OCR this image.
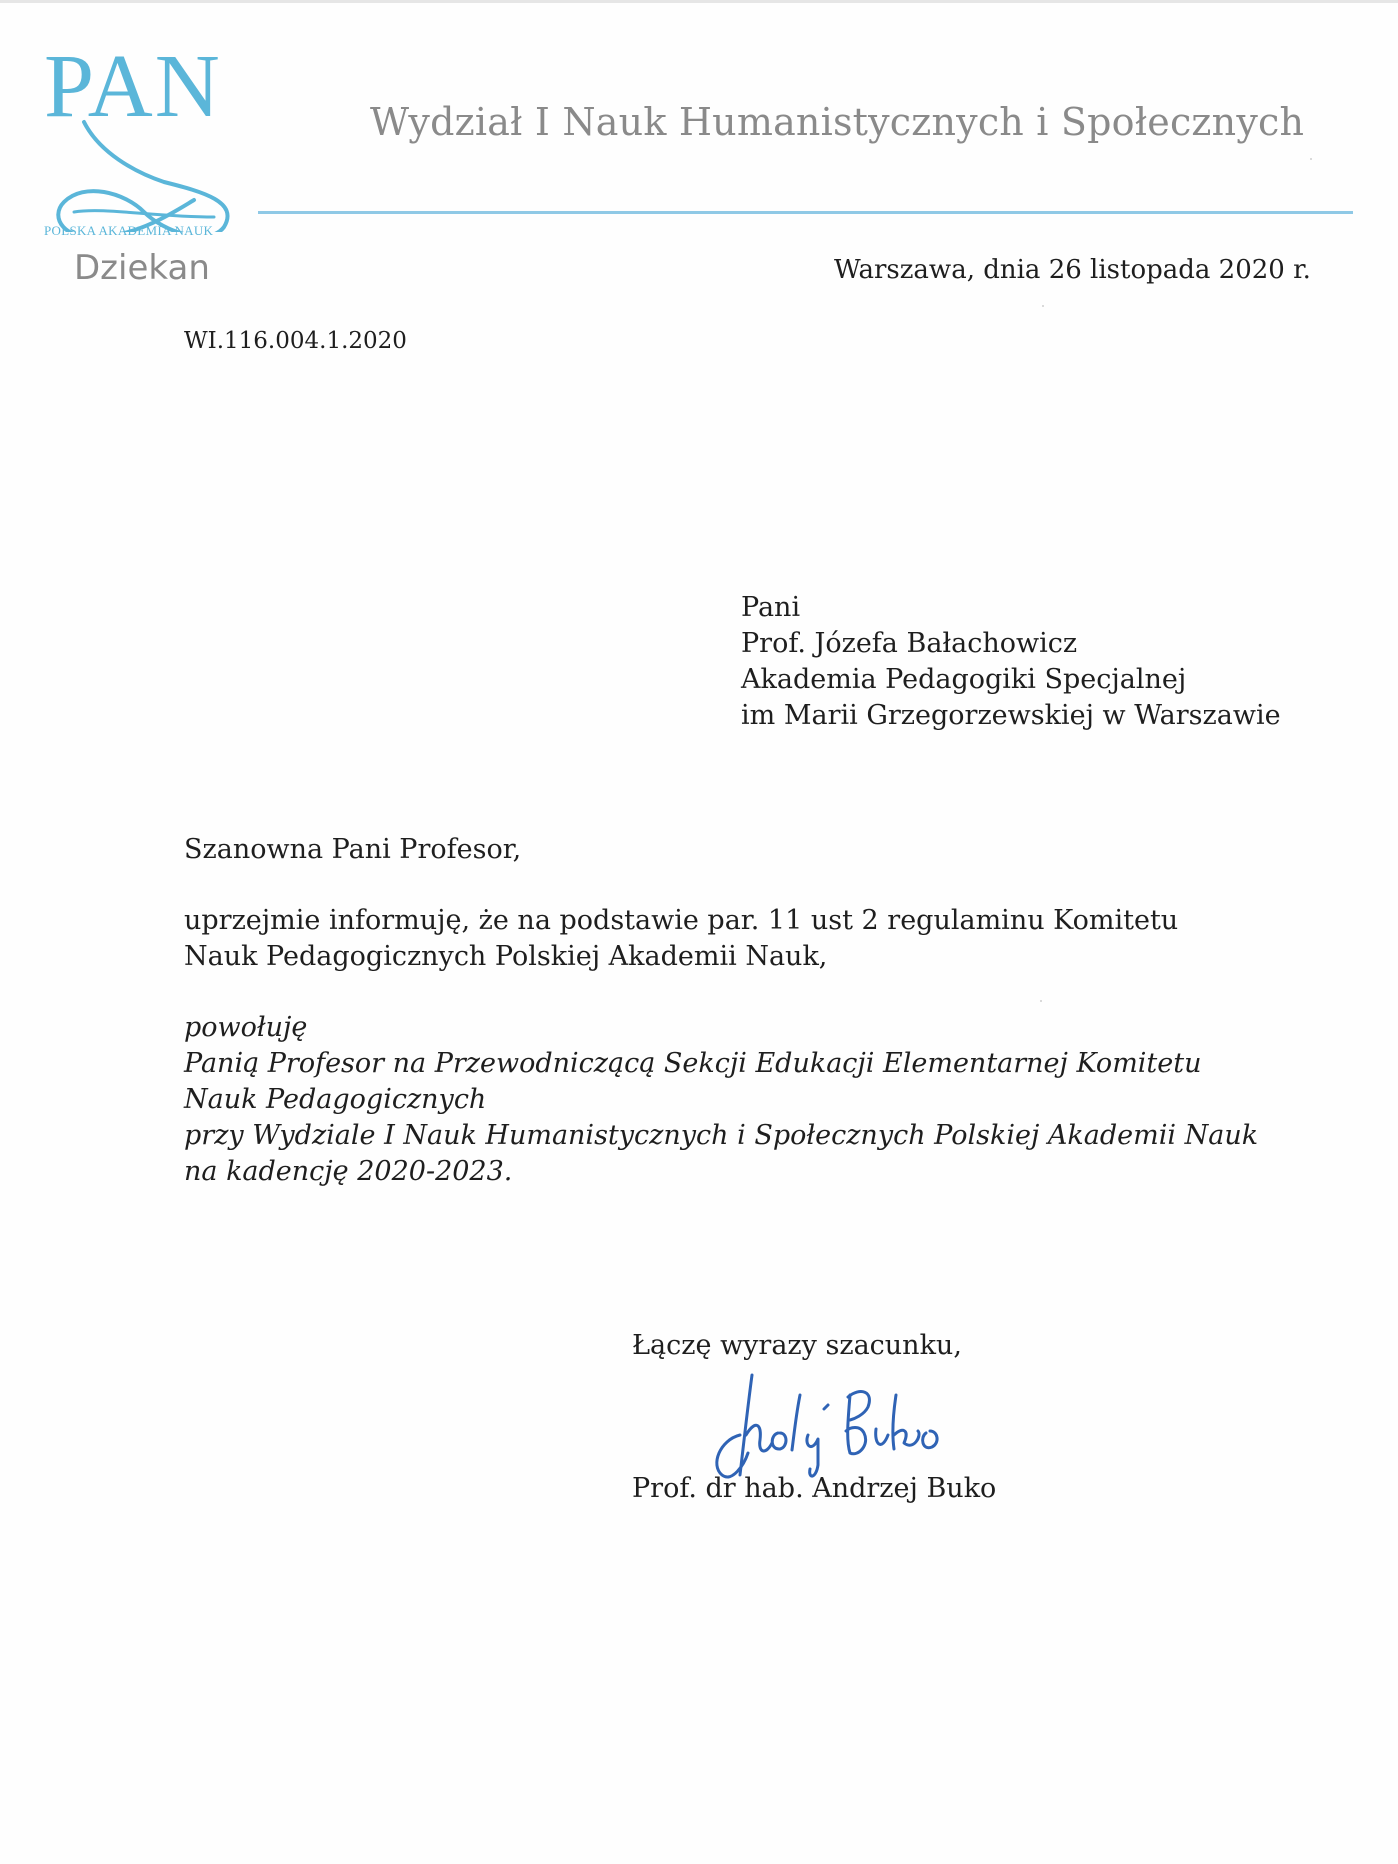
PAN
POLSKA AKADEMIA NAUK
Wydział I Nauk Humanistycznych i Społecznych
Dziekan	Warszawa, dnia 26 listopada 2020 r.
WI.116.004.1.2020
Pani
Prof. Józefa Bałachowicz
Akademia Pedagogiki Specjalnej
im Marii Grzegorzewskiej w Warszawie
Szanowna Pani Profesor,
uprzejmie informuję, że na podstawie par. 11 ust 2 regulaminu Komitetu
Nauk Pedagogicznych Polskiej Akademii Nauk,
powołuję
Panią Profesor na Przewodniczącą Sekcji Edukacji Elementarnej Komitetu
Nauk Pedagogicznych
przy Wydziale I Nauk Humanistycznych i Społecznych Polskiej Akademii Nauk
na kadencję 2020-2023.
Łączę wyrazy szacunku,
Prof. dr hab. Andrzej Buko
